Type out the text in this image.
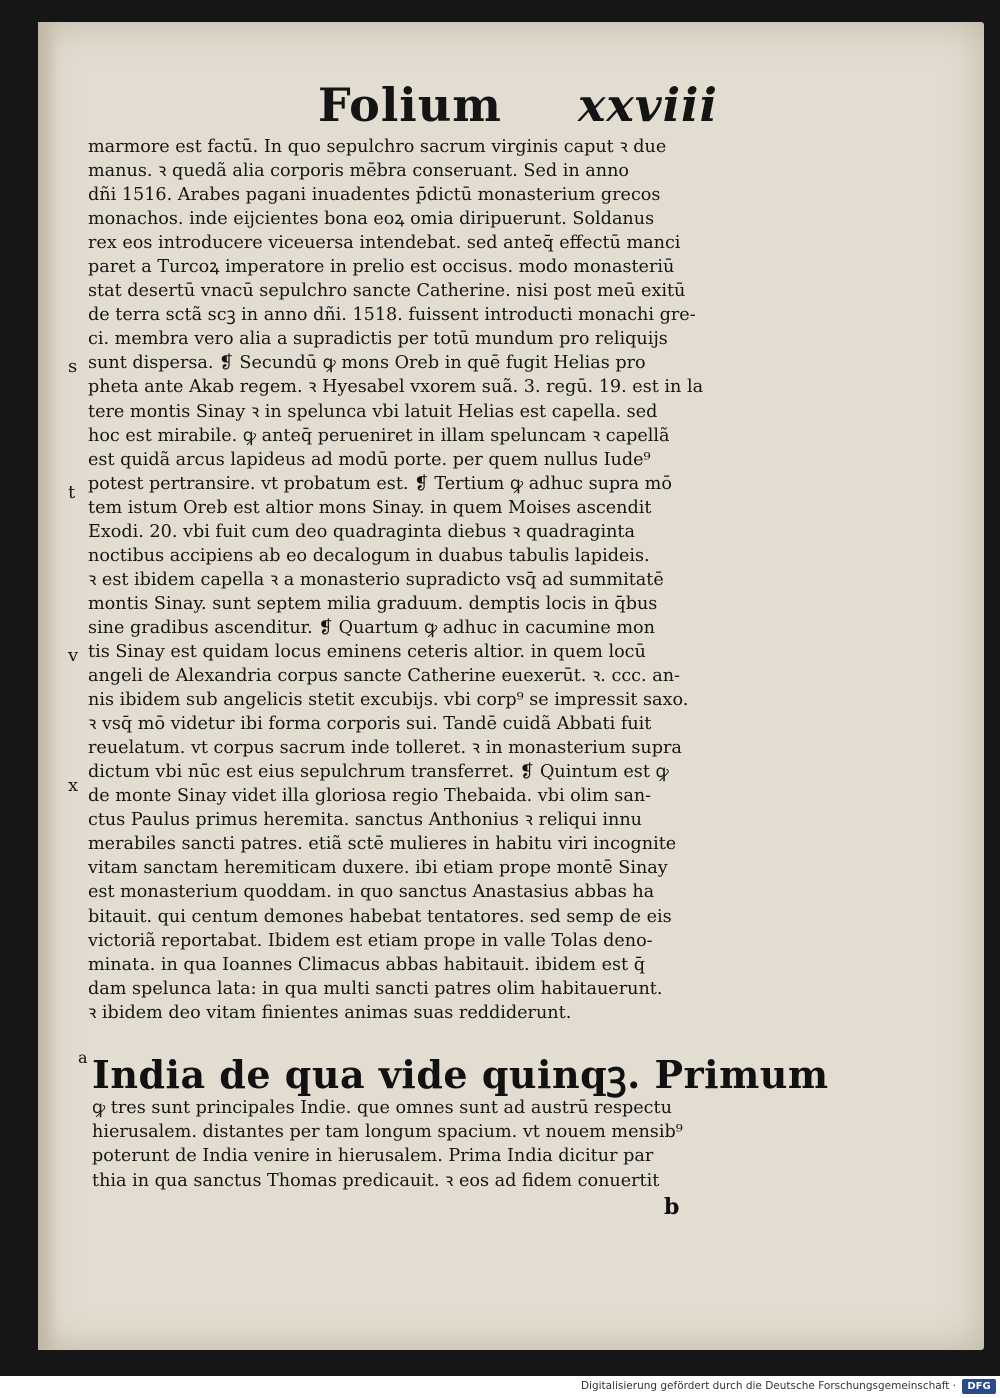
Folium xxviii
marmore est factū. In quo sepulchro sacrum virginis caput ꝛ due
manus. ꝛ quedã alia corporis mēbra conseruant. Sed in anno
dñi 1516. Arabes pagani inuadentes p̄dictū monasterium grecos
monachos. inde eijcientes bona eoꝝ omia diripuerunt. Soldanus
rex eos introducere viceuersa intendebat. sed anteq̄ effectū manci
paret a Turcoꝝ imperatore in prelio est occisus. modo monasteriū
stat desertū vnacū sepulchro sancte Catherine. nisi post meū exitū
de terra sctã scꝫ in anno dñi. 1518. fuissent introducti monachi gre-
ci. membra vero alia a supradictis per totū mundum pro reliquijs
sunt dispersa. ❡ Secundū ꝙ mons Oreb in quē fugit Helias pro
pheta ante Akab regem. ꝛ Hyesabel vxorem suã. 3. regū. 19. est in la
tere montis Sinay ꝛ in spelunca vbi latuit Helias est capella. sed
hoc est mirabile. ꝙ anteq̄ perueniret in illam speluncam ꝛ capellã
est quidã arcus lapideus ad modū porte. per quem nullus Iude⁹
potest pertransire. vt probatum est. ❡ Tertium ꝙ adhuc supra mō
tem istum Oreb est altior mons Sinay. in quem Moises ascendit
Exodi. 20. vbi fuit cum deo quadraginta diebus ꝛ quadraginta
noctibus accipiens ab eo decalogum in duabus tabulis lapideis.
ꝛ est ibidem capella ꝛ a monasterio supradicto vsq̄ ad summitatē
montis Sinay. sunt septem milia graduum. demptis locis in q̄bus
sine gradibus ascenditur. ❡ Quartum ꝙ adhuc in cacumine mon
tis Sinay est quidam locus eminens ceteris altior. in quem locū
angeli de Alexandria corpus sancte Catherine euexerūt. ꝛ. ccc. an-
nis ibidem sub angelicis stetit excubijs. vbi corp⁹ se impressit saxo.
ꝛ vsq̄ mō videtur ibi forma corporis sui. Tandē cuidã Abbati fuit
reuelatum. vt corpus sacrum inde tolleret. ꝛ in monasterium supra
dictum vbi nūc est eius sepulchrum transferret. ❡ Quintum est ꝙ
de monte Sinay videt illa gloriosa regio Thebaida. vbi olim san-
ctus Paulus primus heremita. sanctus Anthonius ꝛ reliqui innu
merabiles sancti patres. etiã sctē mulieres in habitu viri incognite
vitam sanctam heremiticam duxere. ibi etiam prope montē Sinay
est monasterium quoddam. in quo sanctus Anastasius abbas ha
bitauit. qui centum demones habebat tentatores. sed semp de eis
victoriã reportabat. Ibidem est etiam prope in valle Tolas deno-
minata. in qua Ioannes Climacus abbas habitauit. ibidem est q̄
dam spelunca lata: in qua multi sancti patres olim habitauerunt.
ꝛ ibidem deo vitam finientes animas suas reddiderunt.
s
t
v
x
$^a$ India de qua vide quinqꝫ. Primum
ꝙ tres sunt principales Indie. que omnes sunt ad austrū respectu
hierusalem. distantes per tam longum spacium. vt nouem mensib⁹
poterunt de India venire in hierusalem. Prima India dicitur par
thia in qua sanctus Thomas predicauit. ꝛ eos ad fidem conuertit
b
Digitalisierung gefördert durch die Deutsche Forschungsgemeinschaft ·	DFG
